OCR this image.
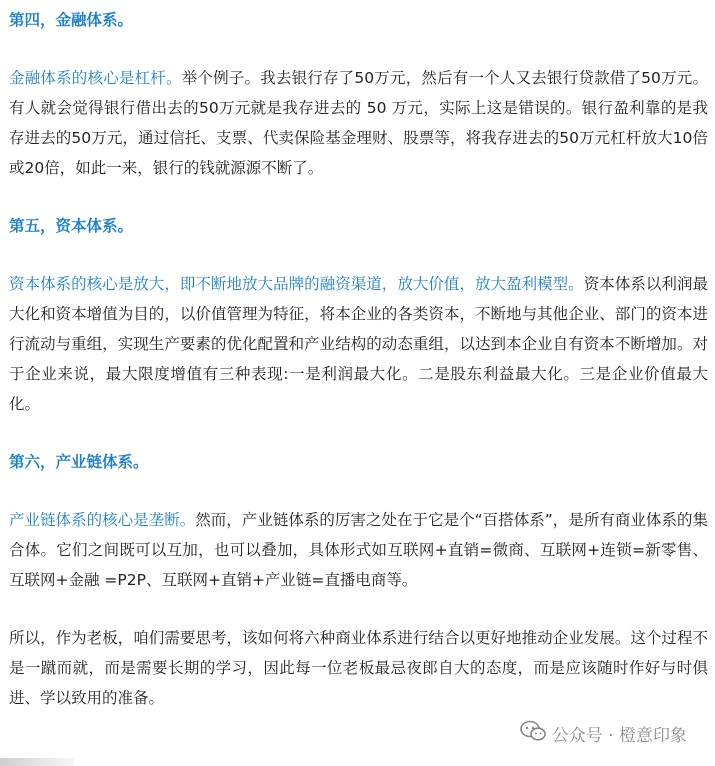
第四，金融体系。

金融体系的核心是杠杆。举个例子。我去银行存了50万元，然后有一个人又去银行贷款借了50万元。有人就会觉得银行借出去的50万元就是我存进去的 50 万元，实际上这是错误的。银行盈利靠的是我存进去的50万元，通过信托、支票、代卖保险基金理财、股票等，将我存进去的50万元杠杆放大10倍或20倍，如此一来，银行的钱就源源不断了。

第五，资本体系。

资本体系的核心是放大，即不断地放大品牌的融资渠道，放大价值，放大盈利模型。资本体系以利润最大化和资本增值为目的，以价值管理为特征，将本企业的各类资本，不断地与其他企业、部门的资本进行流动与重组，实现生产要素的优化配置和产业结构的动态重组，以达到本企业自有资本不断增加。对于企业来说，最大限度增值有三种表现:一是利润最大化。二是股东利益最大化。三是企业价值最大化。

第六，产业链体系。

产业链体系的核心是垄断。然而，产业链体系的厉害之处在于它是个“百搭体系”，是所有商业体系的集合体。它们之间既可以互加，也可以叠加，具体形式如互联网+直销=微商、互联网+连锁=新零售、互联网+金融 =P2P、互联网+直销+产业链=直播电商等。

所以，作为老板，咱们需要思考，该如何将六种商业体系进行结合以更好地推动企业发展。这个过程不是一蹴而就，而是需要长期的学习，因此每一位老板最忌夜郎自大的态度，而是应该随时作好与时俱进、学以致用的准备。

公众号 · 橙意印象
